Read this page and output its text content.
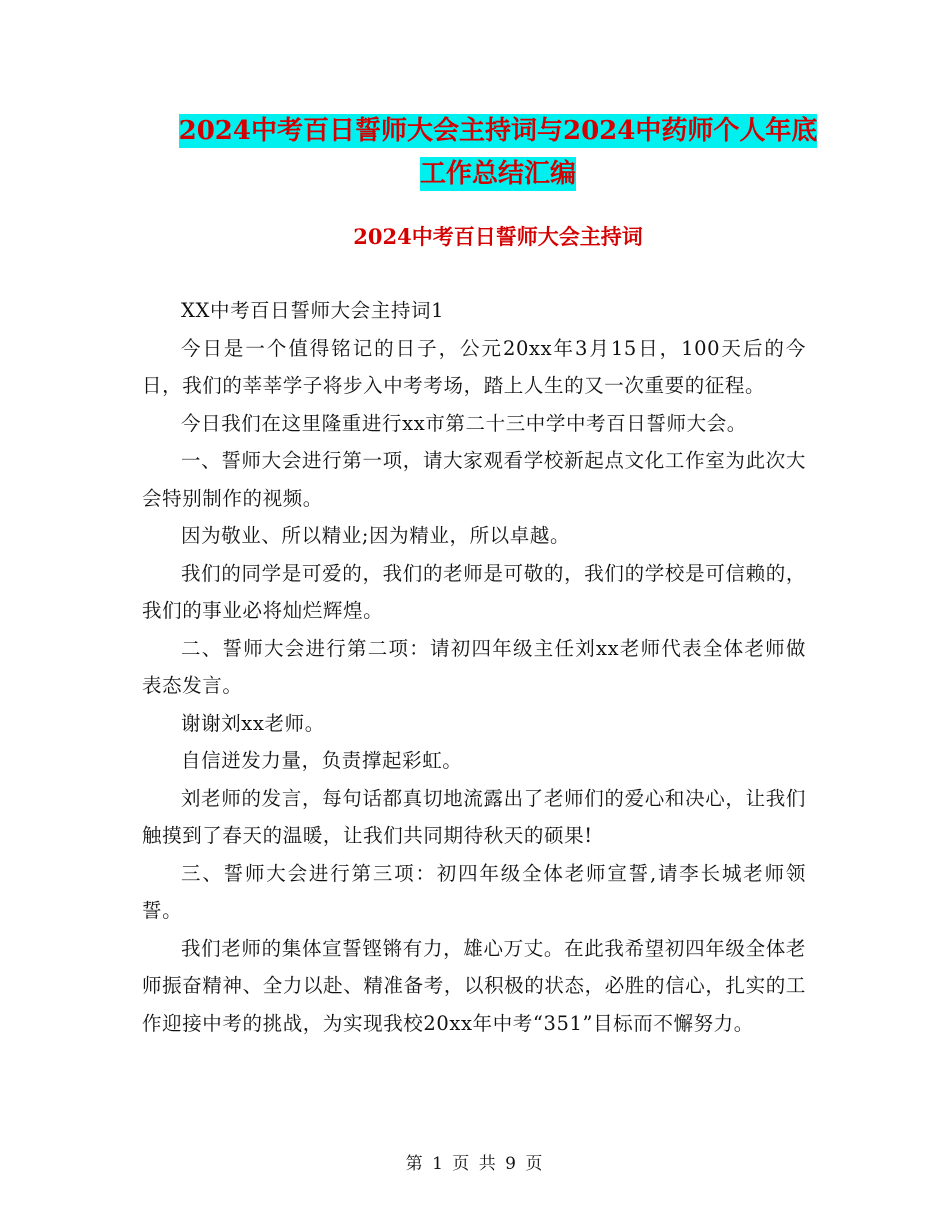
2024中考百日誓师大会主持词与2024中药师个人年底
工作总结汇编
2024中考百日誓师大会主持词

XX中考百日誓师大会主持词1

今日是一个值得铭记的日子，公元20xx年3月15日，100天后的今日，我们的莘莘学子将步入中考考场，踏上人生的又一次重要的征程。

今日我们在这里隆重进行xx市第二十三中学中考百日誓师大会。

一、誓师大会进行第一项，请大家观看学校新起点文化工作室为此次大会特别制作的视频。

因为敬业、所以精业;因为精业，所以卓越。

我们的同学是可爱的，我们的老师是可敬的，我们的学校是可信赖的，我们的事业必将灿烂辉煌。

二、誓师大会进行第二项：请初四年级主任刘xx老师代表全体老师做表态发言。

谢谢刘xx老师。

自信迸发力量，负责撑起彩虹。

刘老师的发言，每句话都真切地流露出了老师们的爱心和决心，让我们触摸到了春天的温暖，让我们共同期待秋天的硕果!

三、誓师大会进行第三项：初四年级全体老师宣誓,请李长城老师领誓。

我们老师的集体宣誓铿锵有力，雄心万丈。在此我希望初四年级全体老师振奋精神、全力以赴、精准备考，以积极的状态，必胜的信心，扎实的工作迎接中考的挑战，为实现我校20xx年中考“351”目标而不懈努力。

第 1 页 共 9 页
